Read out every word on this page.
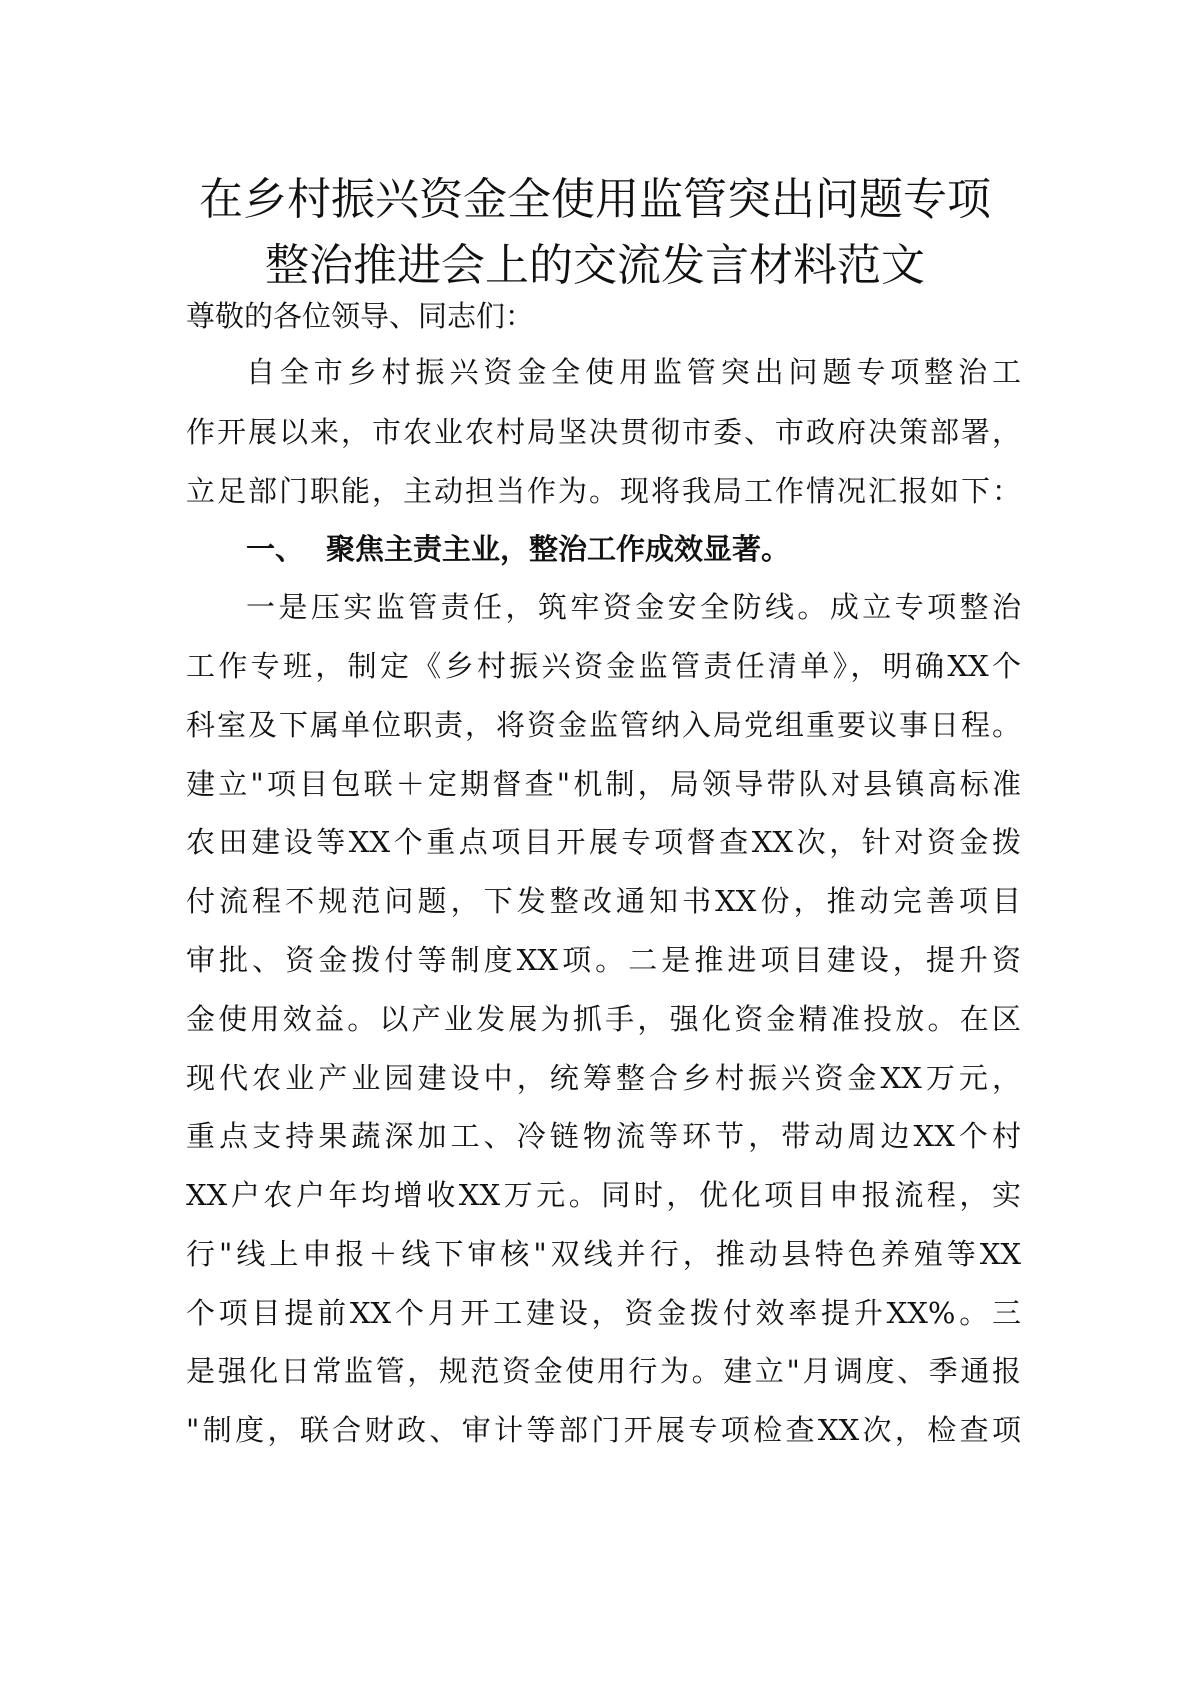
在乡村振兴资金全使用监管突出问题专项
整治推进会上的交流发言材料范文
尊敬的各位领导、同志们：
自全市乡村振兴资金全使用监管突出问题专项整治工
作开展以来，市农业农村局坚决贯彻市委、市政府决策部署，
立足部门职能，主动担当作为。现将我局工作情况汇报如下：
一、 聚焦主责主业，整治工作成效显著。
一是压实监管责任，筑牢资金安全防线。成立专项整治
工作专班，制定《乡村振兴资金监管责任清单》，明确XX个
科室及下属单位职责，将资金监管纳入局党组重要议事日程。
建立"项目包联＋定期督查"机制，局领导带队对县镇高标准
农田建设等XX个重点项目开展专项督查XX次，针对资金拨
付流程不规范问题，下发整改通知书XX份，推动完善项目
审批、资金拨付等制度XX项。二是推进项目建设，提升资
金使用效益。以产业发展为抓手，强化资金精准投放。在区
现代农业产业园建设中，统筹整合乡村振兴资金XX万元，
重点支持果蔬深加工、冷链物流等环节，带动周边XX个村
XX户农户年均增收XX万元。同时，优化项目申报流程，实
行"线上申报＋线下审核"双线并行，推动县特色养殖等XX
个项目提前XX个月开工建设，资金拨付效率提升XX%。三
是强化日常监管，规范资金使用行为。建立"月调度、季通报
"制度，联合财政、审计等部门开展专项检查XX次，检查项
